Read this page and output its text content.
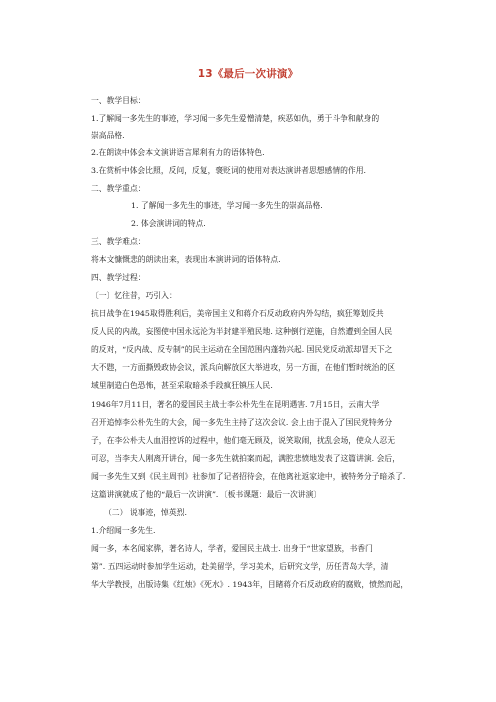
13《最后一次讲演》
一、教学目标：
1.了解闻一多先生的事迹，学习闻一多先生爱憎清楚，疾恶如仇，勇于斗争和献身的
崇高品格.
2.在朗读中体会本文演讲语言犀利有力的语体特色.
3.在赏析中体会比照，反问，反复，褒贬词的使用对表达演讲者思想感情的作用.
二、教学重点：
1. 了解闻一多先生的事迹，学习闻一多先生的崇高品格.
2. 体会演讲词的特点.
三、教学难点：
将本文慷慨悲的朗读出来，表现出本演讲词的语体特点.
四、教学过程：
〔一〕忆往昔，巧引入：
抗日战争在1945取得胜利后，美帝国主义和蒋介石反动政府内外勾结，疯狂筹划反共
反人民的内战，妄图使中国永远沦为半封建半殖民地. 这种倒行逆施，自然遭到全国人民
的反对，“反内战、反专制”的民主运动在全国范围内蓬勃兴起. 国民党反动派却冒天下之
大不韪，一方面撕毁政协会议，派兵向解放区大举进攻，另一方面，在他们暂时统治的区
域里制造白色恐怖，甚至采取暗杀手段疯狂镇压人民.
1946年7月11日，著名的爱国民主战士李公朴先生在昆明遇害. 7月15日，云南大学
召开追悼李公朴先生的大会，闻一多先生主持了这次会议. 会上由于混入了国民党特务分
子，在李公朴夫人血泪控诉的过程中，他们毫无顾及，说笑取闹，扰乱会场，使众人忍无
可忍，当李夫人刚离开讲台，闻一多先生就拍案而起，满腔悲愤地发表了这篇讲演. 会后，
闻一多先生又到《民主周刊》社参加了记者招待会，在他离社返家途中，被特务分子暗杀了.
这篇讲演就成了他的“最后一次讲演”．〔板书课题：最后一次讲演〕
（二） 说事迹，悼英烈.
1.介绍闻一多先生.
闻一多，本名闻家骅，著名诗人，学者，爱国民主战士. 出身于“世家望族，书香门
第”. 五四运动时参加学生运动，赴美留学，学习美术，后研究文学，历任青岛大学，清
华大学教授，出版诗集《红烛》《死水》. 1943年，目睹蒋介石反动政府的腐败，愤然而起，
